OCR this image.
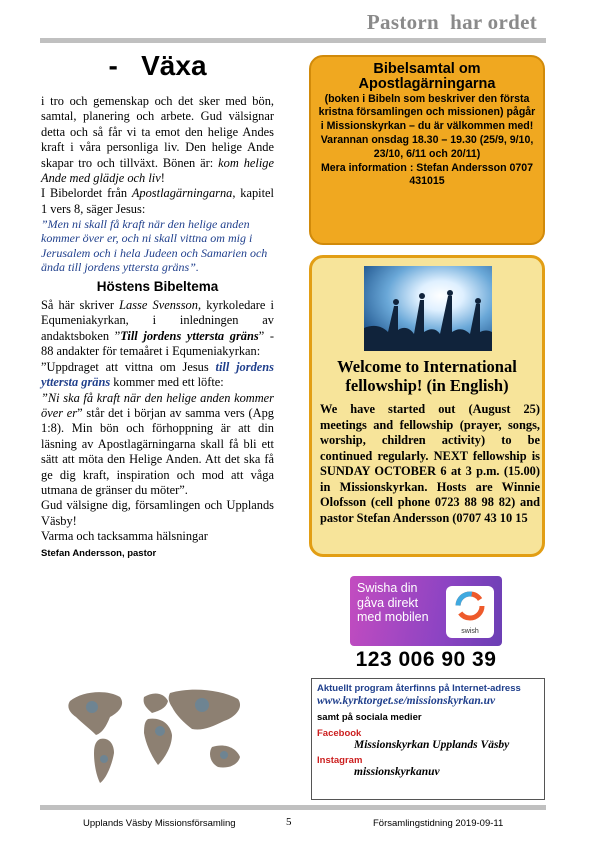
Pastorn  har ordet
-   Växa
i tro och gemenskap och det sker med bön, samtal, planering och arbete. Gud välsignar detta och så får vi ta emot den helige Andes kraft i våra personliga liv. Den helige Ande skapar tro och tillväxt. Bönen är: kom helige Ande med glädje och liv!
I Bibelordet från Apostlagärningarna, kapitel 1 vers 8, säger Jesus:
”Men ni skall få kraft när den helige anden kommer över er, och ni skall vittna om mig i Jerusalem och i hela Judeen och Samarien och ända till jordens yttersta gräns”.
Höstens Bibeltema
Så här skriver Lasse Svensson, kyrkoledare i Equmeniakyrkan, i inledningen av andaktsboken ”Till jordens yttersta gräns” - 88 andakter för temaåret i Equmeniakyrkan:
”Uppdraget att vittna om Jesus till jordens yttersta gräns kommer med ett löfte:
”Ni ska få kraft när den helige anden kommer över er” står det i början av samma vers (Apg 1:8). Min bön och förhoppning är att din läsning av Apostlagärningarna skall få bli ett sätt att möta den Helige Anden. Att det ska få ge dig kraft, inspiration och mod att våga utmana de gränser du möter”.
Gud välsigne dig, församlingen och Upplands Väsby!
Varma och tacksamma hälsningar
Stefan Andersson, pastor
Bibelsamtal om Apostlagärningarna
(boken i Bibeln som beskriver den första kristna församlingen och missionen) pågår i Missionskyrkan – du är välkommen med!
Varannan onsdag 18.30 – 19.30 (25/9, 9/10, 23/10, 6/11 och 20/11)
Mera information : Stefan Andersson 0707 431015
Welcome to International fellowship! (in English)
We have started out (August 25) meetings and fellowship (prayer, songs, worship, children activity) to be continued regularly. NEXT fellowship is SUNDAY OCTOBER 6 at 3 p.m. (15.00) in Missionskyrkan. Hosts are Winnie Olofsson (cell phone 0723 88 98 82) and pastor Stefan Andersson (0707 43 10 15
Swisha din
gåva direkt
med mobilen
swish
123 006 90 39
Aktuellt program återfinns på Internet-adress
www.kyrktorget.se/missionskyrkan.uv
samt på sociala medier
Facebook
Missionskyrkan Upplands Väsby
Instagram
missionskyrkanuv
Upplands Väsby Missionsförsamling	5	Församlingstidning 2019-09-11
